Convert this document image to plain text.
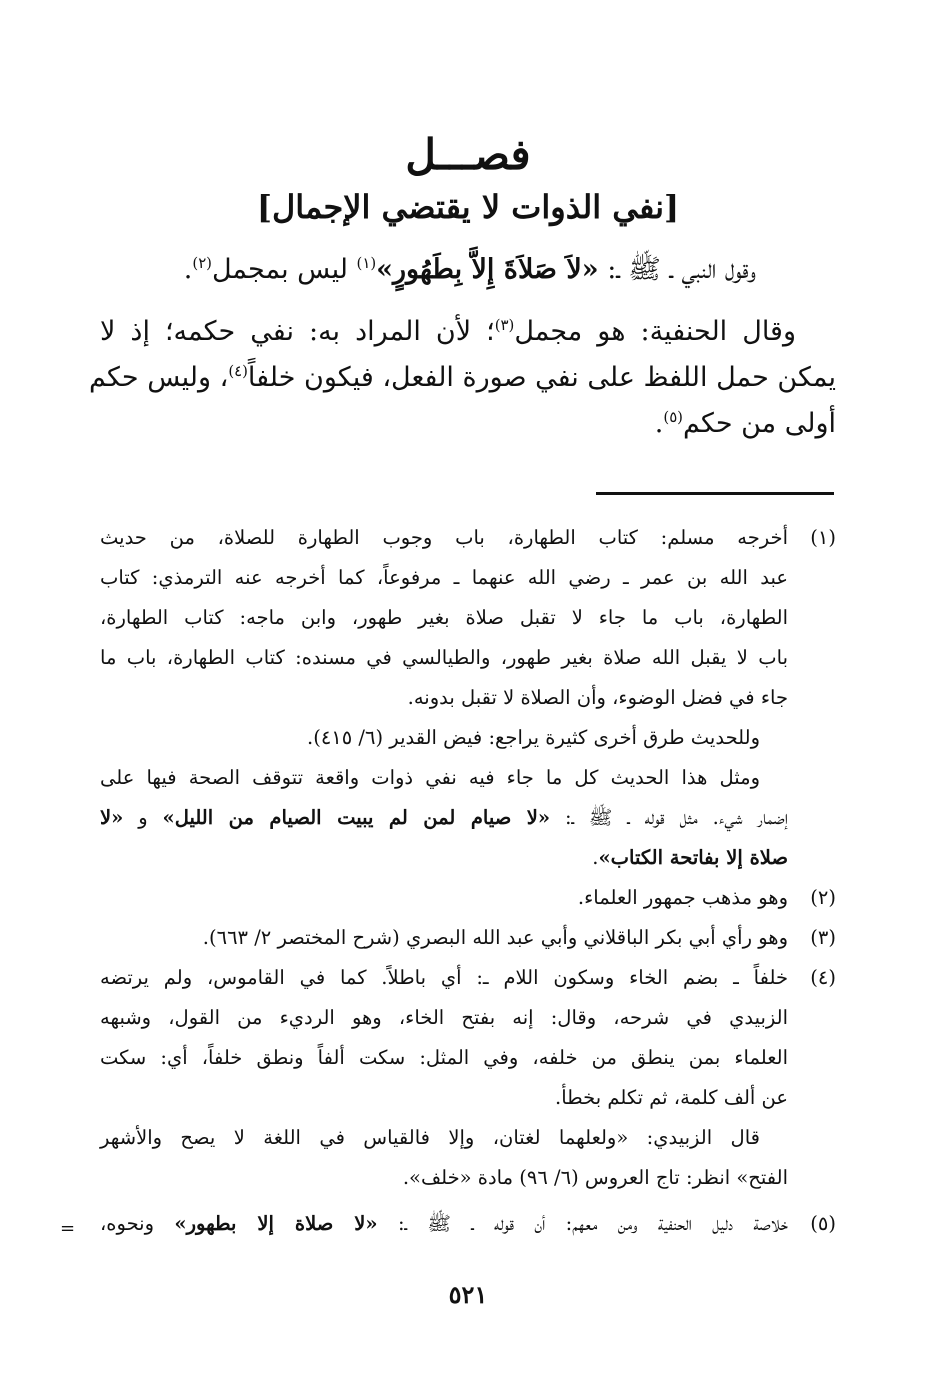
فصـــل
[نفي الذوات لا يقتضي الإجمال]
وقول النبي ـ ﷺ ـ: «لاَ صَلاَةَ إِلاَّ بِطَهُورٍ»$^{(١)}$ ليس بمجمل$^{(٢)}$.
وقال الحنفية: هو مجمل$^{(٣)}$؛ لأن المراد به: نفي حكمه؛ إذ لا
يمكن حمل اللفظ على نفي صورة الفعل، فيكون خلفاً$^{(٤)}$، وليس حكم
أولى من حكم$^{(٥)}$.
(١)
أخرجه مسلم: كتاب الطهارة، باب وجوب الطهارة للصلاة، من حديث
عبد الله بن عمر ـ رضي الله عنهما ـ مرفوعاً، كما أخرجه عنه الترمذي: كتاب
الطهارة، باب ما جاء لا تقبل صلاة بغير طهور، وابن ماجه: كتاب الطهارة،
باب لا يقبل الله صلاة بغير طهور، والطيالسي في مسنده: كتاب الطهارة، باب ما
جاء في فضل الوضوء، وأن الصلاة لا تقبل بدونه.
وللحديث طرق أخرى كثيرة يراجع: فيض القدير (٦/ ٤١٥).
ومثل هذا الحديث كل ما جاء فيه نفي ذوات واقعة تتوقف الصحة فيها على
إضمار شيء. مثل قوله ـ ﷺ ـ: «لا صيام لمن لم يبيت الصيام من الليل» و «لا
صلاة إلا بفاتحة الكتاب».
(٢)
وهو مذهب جمهور العلماء.
(٣)
وهو رأي أبي بكر الباقلاني وأبي عبد الله البصري (شرح المختصر ٢/ ٦٦٣).
(٤)
خلفاً ـ بضم الخاء وسكون اللام ـ: أي باطلاً. كما في القاموس، ولم يرتضه
الزبيدي في شرحه، وقال: إنه بفتح الخاء، وهو الرديء من القول، وشبهه
العلماء بمن ينطق من خلفه، وفي المثل: سكت ألفاً ونطق خلفاً، أي: سكت
عن ألف كلمة، ثم تكلم بخطأ.
قال الزبيدي: «ولعلهما لغتان، وإلا فالقياس في اللغة لا يصح والأشهر
الفتح» انظر: تاج العروس (٦/ ٩٦) مادة «خلف».
(٥)
خلاصة دليل الحنفية ومن معهم: أن قوله ـ ﷺ ـ: «لا صلاة إلا بطهور» ونحوه،
=
٥٢١
